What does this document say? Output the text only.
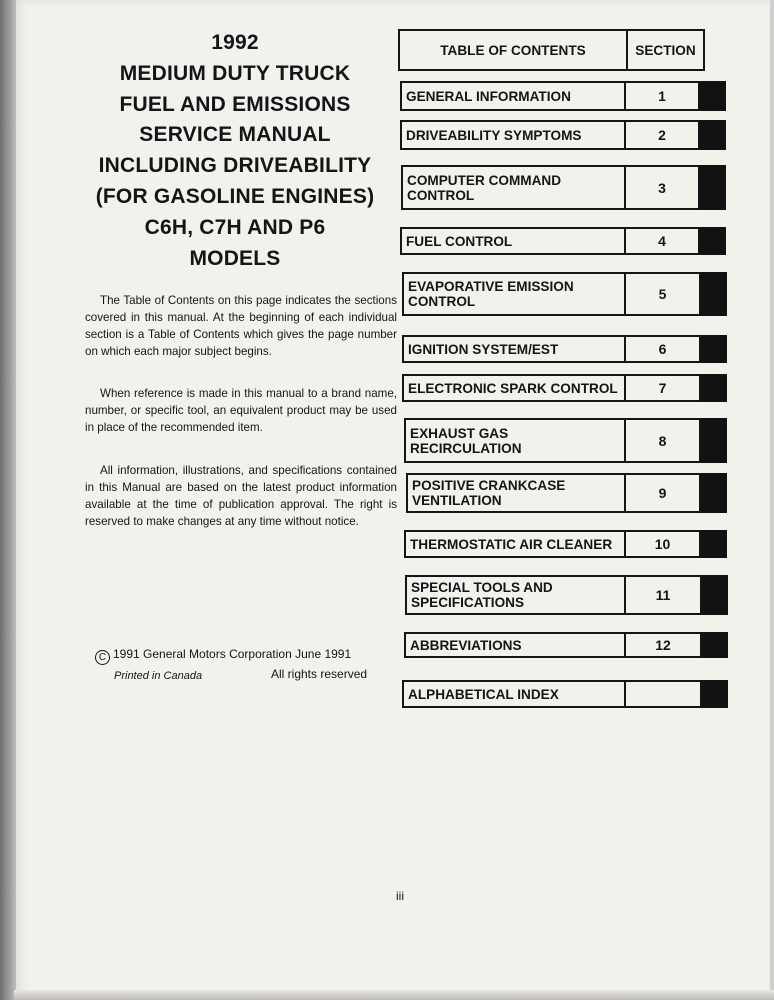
1992
MEDIUM DUTY TRUCK
FUEL AND EMISSIONS
SERVICE MANUAL
INCLUDING DRIVEABILITY
(FOR GASOLINE ENGINES)
C6H, C7H AND P6
MODELS
The Table of Contents on this page indicates the sections covered in this manual. At the beginning of each individual section is a Table of Contents which gives the page number on which each major subject begins.
When reference is made in this manual to a brand name, number, or specific tool, an equivalent product may be used in place of the recommended item.
All information, illustrations, and specifications contained in this Manual are based on the latest product information available at the time of publication approval. The right is reserved to make changes at any time without notice.
C 1991 General Motors Corporation June 1991
Printed in Canada	All rights reserved
iii
TABLE OF CONTENTS	SECTION
GENERAL INFORMATION	1
DRIVEABILITY SYMPTOMS	2
COMPUTER COMMAND
CONTROL	3
FUEL CONTROL	4
EVAPORATIVE EMISSION
CONTROL	5
IGNITION SYSTEM/EST	6
ELECTRONIC SPARK CONTROL	7
EXHAUST GAS
RECIRCULATION	8
POSITIVE CRANKCASE
VENTILATION	9
THERMOSTATIC AIR CLEANER	10
SPECIAL TOOLS AND
SPECIFICATIONS	11
ABBREVIATIONS	12
ALPHABETICAL INDEX
